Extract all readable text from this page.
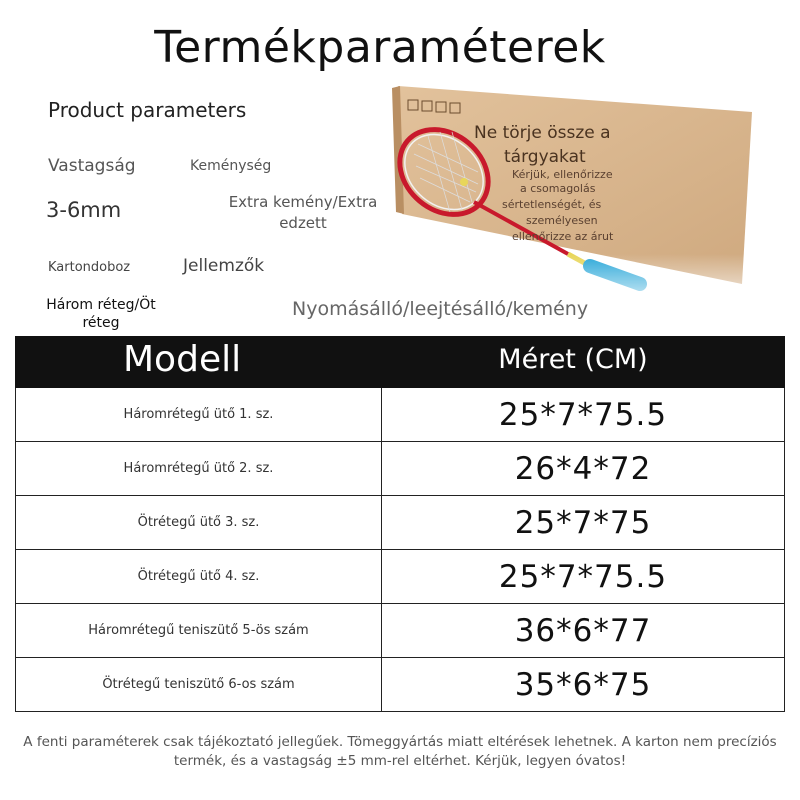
Termékparaméterek
Product parameters
Vastagság	Keménység
3-6mm	Extra kemény/Extra edzett
Kartondoboz	Jellemzők
Három réteg/Öt réteg
Ne törje össze a
tárgyakat
Kérjük, ellenőrizze
a csomagolás
sértetlenségét, és
személyesen
ellenőrizze az árut
Nyomásálló/leejtésálló/kemény
Modell	Méret (CM)
Háromrétegű ütő 1. sz.	25*7*75.5
Háromrétegű ütő 2. sz.	26*4*72
Ötrétegű ütő 3. sz.	25*7*75
Ötrétegű ütő 4. sz.	25*7*75.5
Háromrétegű teniszütő 5-ös szám	36*6*77
Ötrétegű teniszütő 6-os szám	35*6*75
A fenti paraméterek csak tájékoztató jellegűek. Tömeggyártás miatt eltérések lehetnek. A karton nem precíziós termék, és a vastagság ±5 mm-rel eltérhet. Kérjük, legyen óvatos!
